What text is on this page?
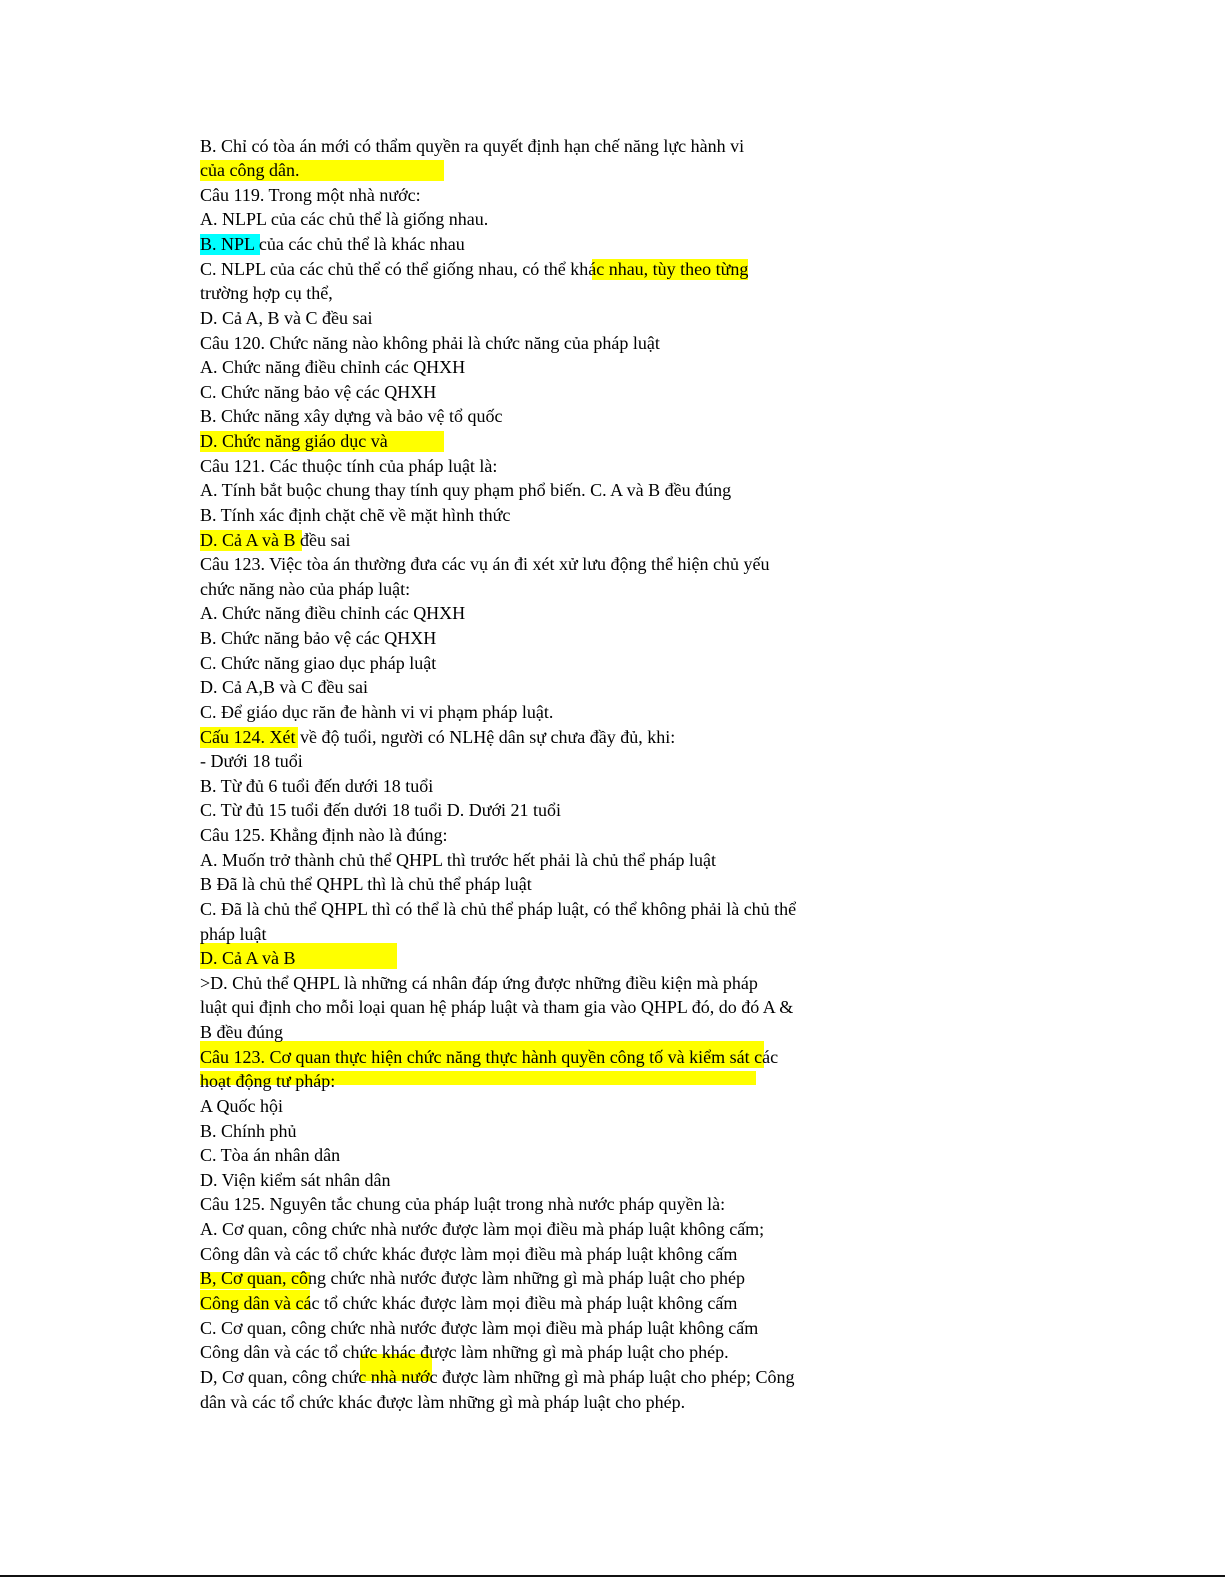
B. Chỉ có tòa án mới có thẩm quyền ra quyết định hạn chế năng lực hành vi
của công dân.
Câu 119. Trong một nhà nước:
A. NLPL của các chủ thể là giống nhau.
B. NPL của các chủ thể là khác nhau
C. NLPL của các chủ thể có thể giống nhau, có thể khác nhau, tùy theo từng
trường hợp cụ thể,
D. Cả A, B và C đều sai
Câu 120. Chức năng nào không phải là chức năng của pháp luật
A. Chức năng điều chỉnh các QHXH
C. Chức năng bảo vệ các QHXH
B. Chức năng xây dựng và bảo vệ tổ quốc
D. Chức năng giáo dục và
Câu 121. Các thuộc tính của pháp luật là:
A. Tính bắt buộc chung thay tính quy phạm phổ biến. C. A và B đều đúng
B. Tính xác định chặt chẽ về mặt hình thức
D. Cả A và B đều sai
Câu 123. Việc tòa án thường đưa các vụ án đi xét xử lưu động thể hiện chủ yếu
chức năng nào của pháp luật:
A. Chức năng điều chỉnh các QHXH
B. Chức năng bảo vệ các QHXH
C. Chức năng giao dục pháp luật
D. Cả A,B và C đều sai
C. Để giáo dục răn đe hành vi vi phạm pháp luật.
Cấu 124. Xét về độ tuổi, người có NLHệ dân sự chưa đầy đủ, khi:
- Dưới 18 tuổi
B. Từ đủ 6 tuổi đến dưới 18 tuổi
C. Từ đủ 15 tuổi đến dưới 18 tuổi D. Dưới 21 tuổi
Câu 125. Khẳng định nào là đúng:
A. Muốn trở thành chủ thể QHPL thì trước hết phải là chủ thể pháp luật
B Đã là chủ thể QHPL thì là chủ thể pháp luật
C. Đã là chủ thể QHPL thì có thể là chủ thể pháp luật, có thể không phải là chủ thể
pháp luật
D. Cả A và B
>D. Chủ thể QHPL là những cá nhân đáp ứng được những điều kiện mà pháp
luật qui định cho mỗi loại quan hệ pháp luật và tham gia vào QHPL đó, do đó A &
B đều đúng
Câu 123. Cơ quan thực hiện chức năng thực hành quyền công tố và kiểm sát các
hoạt động tư pháp:
A Quốc hội
B. Chính phủ
C. Tòa án nhân dân
D. Viện kiểm sát nhân dân
Câu 125. Nguyên tắc chung của pháp luật trong nhà nước pháp quyền là:
A. Cơ quan, công chức nhà nước được làm mọi điều mà pháp luật không cấm;
Công dân và các tổ chức khác được làm mọi điều mà pháp luật không cấm
B, Cơ quan, công chức nhà nước được làm những gì mà pháp luật cho phép
Công dân và các tổ chức khác được làm mọi điều mà pháp luật không cấm
C. Cơ quan, công chức nhà nước được làm mọi điều mà pháp luật không cấm
Công dân và các tổ chức khác được làm những gì mà pháp luật cho phép.
D, Cơ quan, công chức nhà nước được làm những gì mà pháp luật cho phép; Công
dân và các tổ chức khác được làm những gì mà pháp luật cho phép.
